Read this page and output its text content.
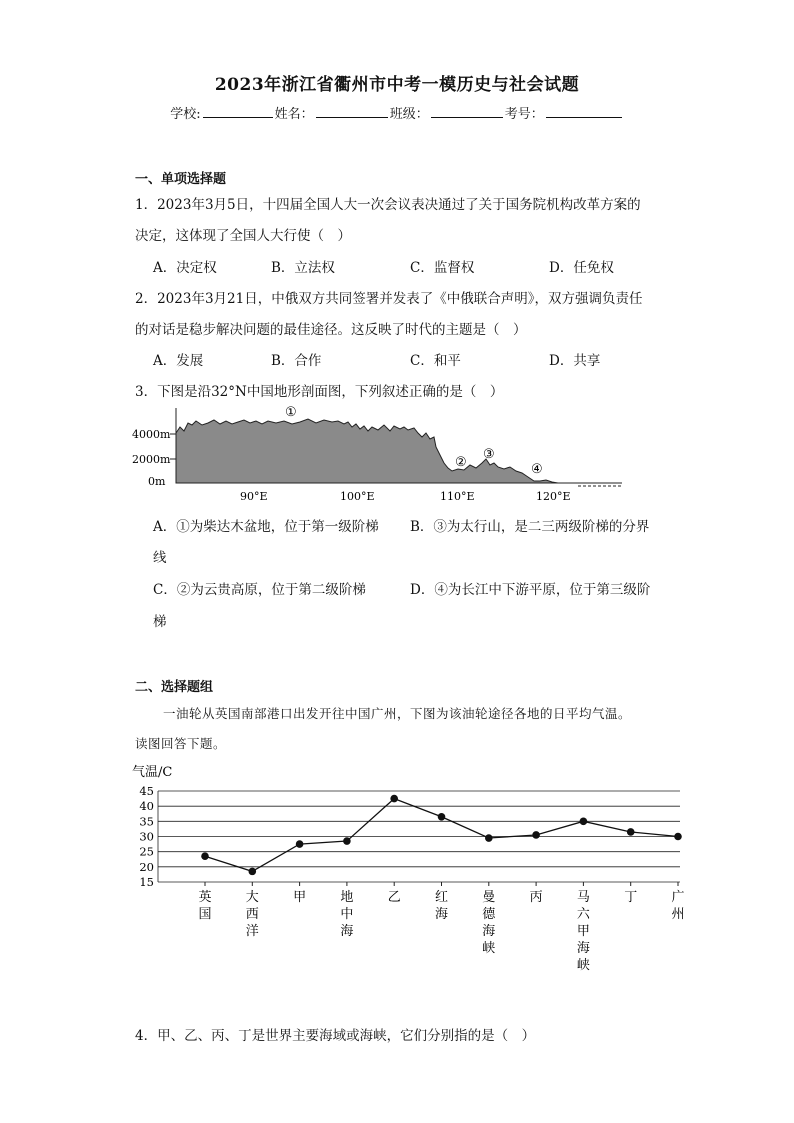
2023年浙江省衢州市中考一模历史与社会试题
学校:	姓名：	班级：	考号：
一、单项选择题
1．2023年3月5日，十四届全国人大一次会议表决通过了关于国务院机构改革方案的
决定，这体现了全国人大行使（　）
A．决定权	B．立法权	C．监督权	D．任免权
2．2023年3月21日，中俄双方共同签署并发表了《中俄联合声明》，双方强调负责任
的对话是稳步解决问题的最佳途径。这反映了时代的主题是（　）
A．发展	B．合作	C．和平	D．共享
3．下图是沿32°N中国地形剖面图，下列叙述正确的是（　）
4000m
2000m
0m
90°E	100°E	110°E	120°E
①
②
③
④
A．①为柴达木盆地，位于第一级阶梯 B．③为太行山，是二三两级阶梯的分界
线
C．②为云贵高原，位于第二级阶梯	D．④为长江中下游平原，位于第三级阶
梯
二、选择题组
一油轮从英国南部港口出发开往中国广州，下图为该油轮途径各地的日平均气温。
读图回答下题。
气温/C
15
20
25
30
35
40
45
英国
大西洋
甲	地中海
乙	红海
曼德海峡
丙	马六甲海峡
丁	广州
4．甲、乙、丙、丁是世界主要海域或海峡，它们分别指的是（　）
